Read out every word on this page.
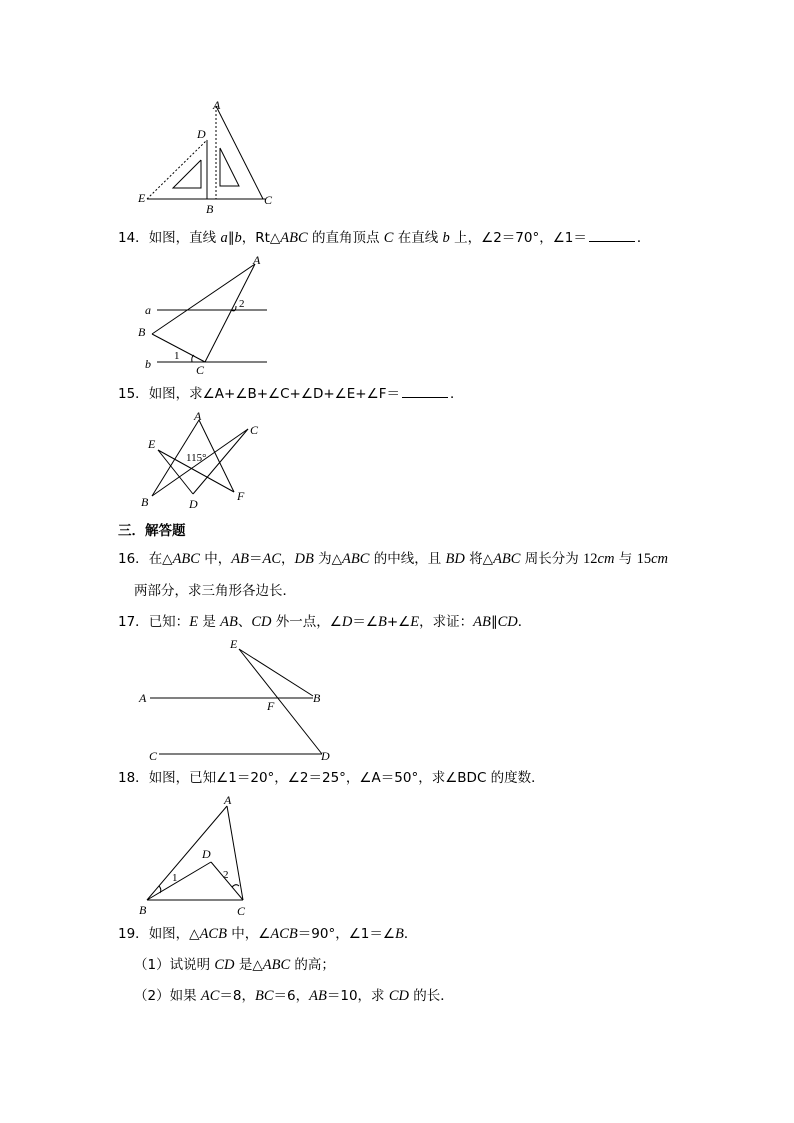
A
D
E
B
C
14．如图，直线 a∥b，Rt△ABC 的直角顶点 C 在直线 b 上，∠2＝70°，∠1＝	．
A
a
B
b	C
1
2
15．如图，求∠A+∠B+∠C+∠D+∠E+∠F＝	．
A
E
C
B	D
F
115°
三．解答题
16．在△ABC 中，AB＝AC，DB 为△ABC 的中线，且 BD 将△ABC 周长分为 12cm 与 15cm
两部分，求三角形各边长．
17．已知：E 是 AB、CD 外一点，∠D＝∠B+∠E，求证：AB∥CD．
E
A	B
F
C	D
18．如图，已知∠1＝20°，∠2＝25°，∠A＝50°，求∠BDC 的度数．
A
D
1	2
B	C
19．如图，△ACB 中，∠ACB＝90°，∠1＝∠B．
（1）试说明 CD 是△ABC 的高；
（2）如果 AC＝8，BC＝6，AB＝10，求 CD 的长．
